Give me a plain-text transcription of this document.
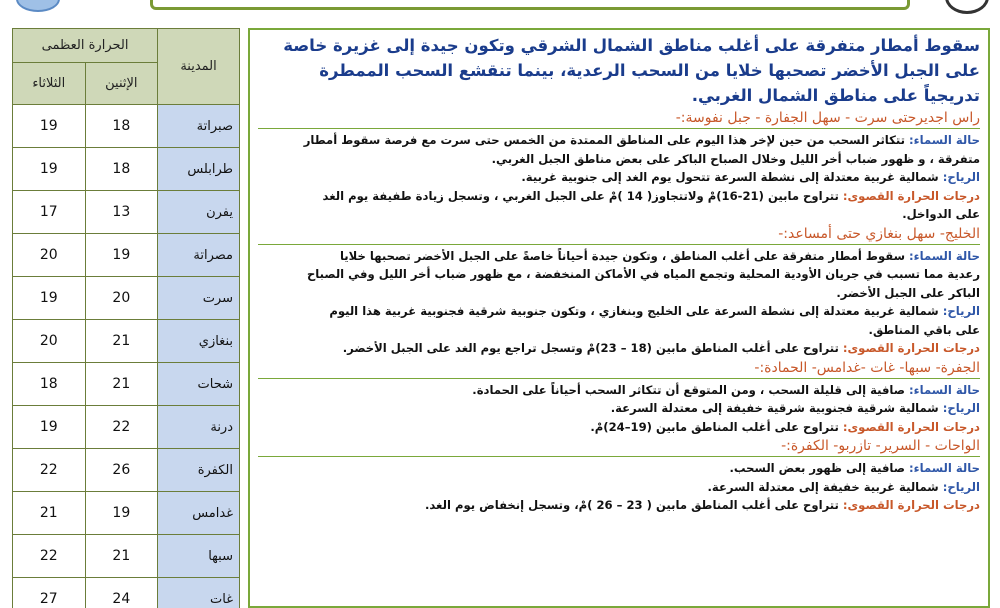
المدينة	الحرارة العظمى	
	الإثنين	الثلاثاء
صبراتة	18	19
طرابلس	18	19
يفرن	13	17
مصراتة	19	20
سرت	20	19
بنغازي	21	20
شحات	21	18
درنة	22	19
الكفرة	26	22
غدامس	19	21
سبها	21	22
غات	24	27
سقوط أمطار متفرقة على أغلب مناطق الشمال الشرقي وتكون جيدة إلى غزيرة خاصة على الجبل الأخضر تصحبها خلايا من السحب الرعدية، بينما تنقشع السحب الممطرة تدريجياً على مناطق الشمال الغربي.
راس اجديرحتى سرت - سهل الجفارة - جبل نفوسة:-
حالة السماء: تتكاثر السحب من حين لإخر هذا اليوم على المناطق الممتدة من الخمس حتى سرت مع فرصة سقوط أمطار
متفرقة ، و ظهور ضباب أخر الليل وخلال الصباح الباكر على بعض مناطق الجبل الغربي.
الرياح: شمالية غربية معتدلة إلى نشطة السرعة تتحول يوم الغد إلى جنوبية غربية.
درجات الحرارة القصوى: تتراوح مابين (21-16)مْ ولاتتجاوز( 14 )مْ على الجبل الغربي ، وتسجل زيادة طفيفة يوم الغد
على الدواخل.
الخليج- سهل بنغازي حتى أمساعد:-
حالة السماء: سقوط أمطار متفرقة على أغلب المناطق ، وتكون جيدة أحياناً خاصةً على الجبل الأخضر تصحبها خلايا
رعدية مما تسبب في جريان الأودية المحلية وتجمع المياه في الأماكن المنخفضة ، مع ظهور ضباب أخر الليل وفي الصباح
الباكر على الجبل الأخضر.
الرياح: شمالية غربية معتدلة إلى نشطة السرعة على الخليج وبنغازي ، وتكون جنوبية شرقية فجنوبية غربية هذا اليوم
على باقي المناطق.
درجات الحرارة القصوى: تتراوح على أغلب المناطق مابين (18 – 23)مْ وتسجل تراجع يوم الغد على الجبل الأخضر.
الجفرة- سبها- غات -غدامس- الحمادة:-
حالة السماء: صافية إلى قليلة السحب ، ومن المتوقع أن تتكاثر السحب أحياناً على الحمادة.
الرياح: شمالية شرقية فجنوبية شرقية خفيفة إلى معتدلة السرعة.
درجات الحرارة القصوى: تتراوح على أغلب المناطق مابين (19–24)مْ.
الواحات - السرير- تازربو- الكفرة:-
حالة السماء: صافية إلى ظهور بعض السحب.
الرياح: شمالية غربية خفيفة إلى معتدلة السرعة.
درجات الحرارة القصوى: تتراوح على أغلب المناطق مابين ( 23 – 26 )مْ، وتسجل إنخفاض يوم الغد.
